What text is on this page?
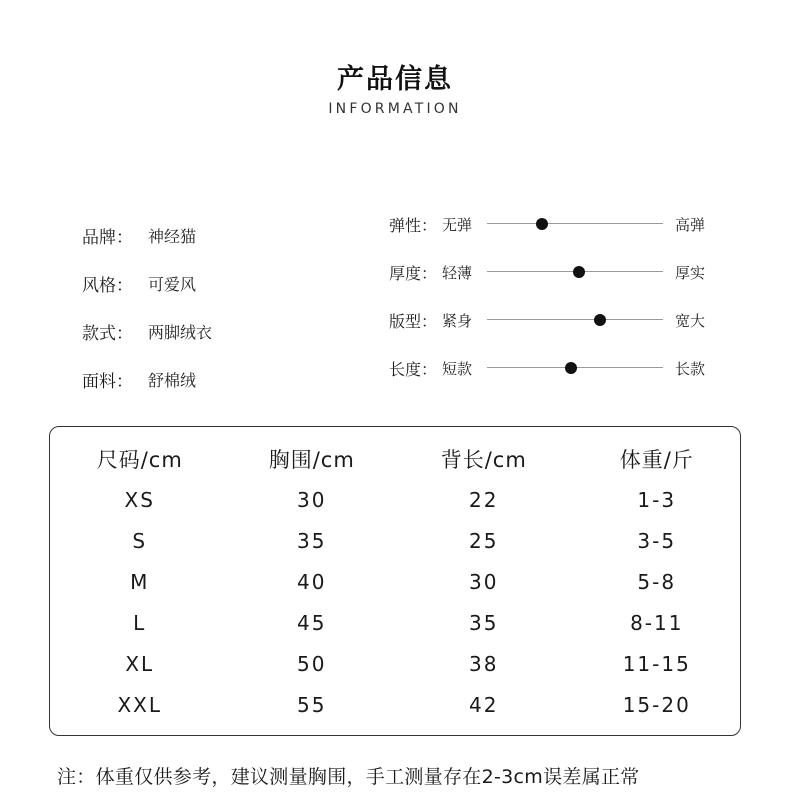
产品信息
INFORMATION
品牌： 神经猫
风格： 可爱风
款式： 两脚绒衣
面料： 舒棉绒
弹性： 无弹	高弹
厚度： 轻薄	厚实
版型： 紧身	宽大
长度： 短款	长款
尺码/cm	胸围/cm	背长/cm	体重/斤
XS	30	22	1-3
S	35	25	3-5
M	40	30	5-8
L	45	35	8-11
XL	50	38	11-15
XXL	55	42	15-20
注：体重仅供参考，建议测量胸围，手工测量存在2-3cm误差属正常
